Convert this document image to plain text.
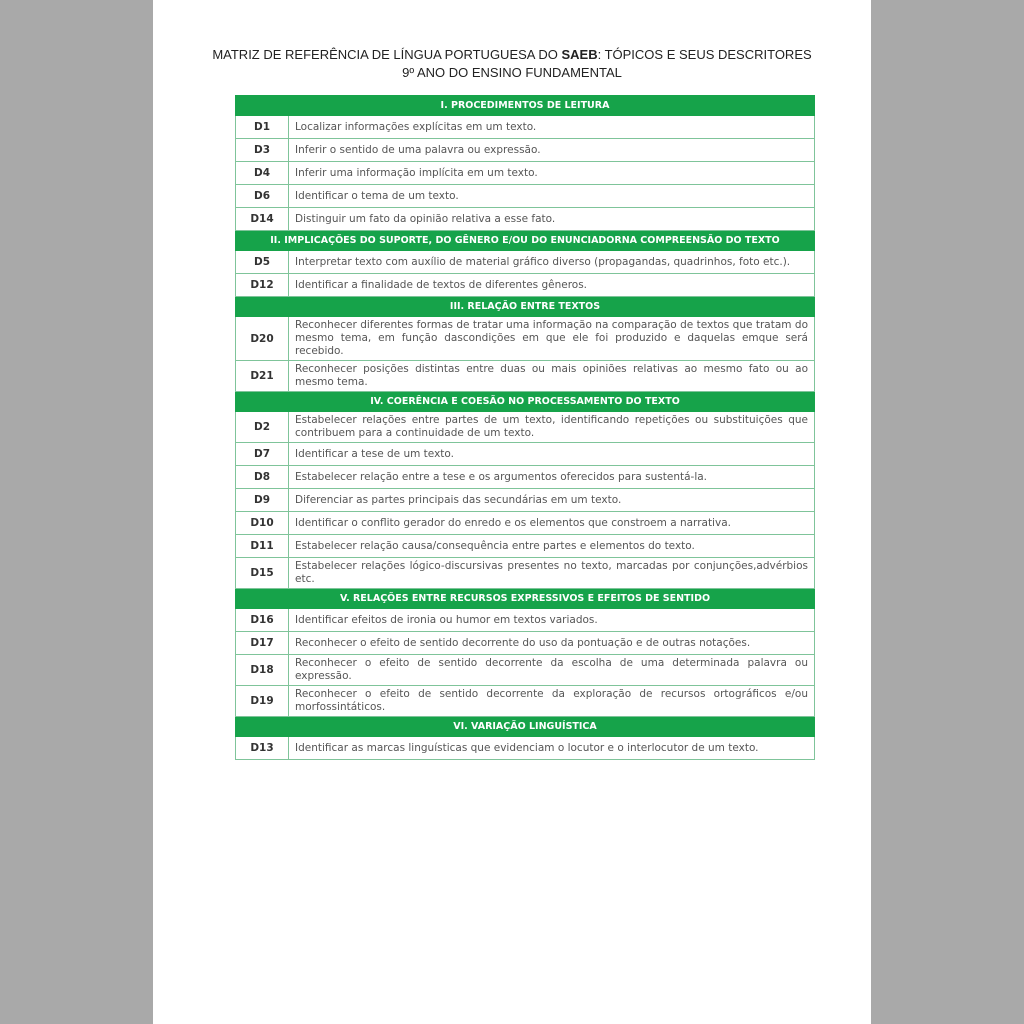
MATRIZ DE REFERÊNCIA DE LÍNGUA PORTUGUESA DO SAEB: TÓPICOS E SEUS DESCRITORES
9º ANO DO ENSINO FUNDAMENTAL
I. PROCEDIMENTOS DE LEITURA	
D1	Localizar informações explícitas em um texto.
D3	Inferir o sentido de uma palavra ou expressão.
D4	Inferir uma informação implícita em um texto.
D6	Identificar o tema de um texto.
D14	Distinguir um fato da opinião relativa a esse fato.
II. IMPLICAÇÕES DO SUPORTE, DO GÊNERO E/OU DO ENUNCIADORNA COMPREENSÃO DO TEXTO	
D5	Interpretar texto com auxílio de material gráfico diverso (propagandas, quadrinhos, foto etc.).
D12	Identificar a finalidade de textos de diferentes gêneros.
III. RELAÇÃO ENTRE TEXTOS	
D20	Reconhecer diferentes formas de tratar uma informação na comparação de textos que tratam do mesmo tema, em função dascondições em que ele foi produzido e daquelas emque será recebido.
D21	Reconhecer posições distintas entre duas ou mais opiniões relativas ao mesmo fato ou ao mesmo tema.
IV. COERÊNCIA E COESÃO NO PROCESSAMENTO DO TEXTO	
D2	Estabelecer relações entre partes de um texto, identificando repetições ou substituições que contribuem para a continuidade de um texto.
D7	Identificar a tese de um texto.
D8	Estabelecer relação entre a tese e os argumentos oferecidos para sustentá-la.
D9	Diferenciar as partes principais das secundárias em um texto.
D10	Identificar o conflito gerador do enredo e os elementos que constroem a narrativa.
D11	Estabelecer relação causa/consequência entre partes e elementos do texto.
D15	Estabelecer relações lógico-discursivas presentes no texto, marcadas por conjunções,advérbios etc.
V. RELAÇÕES ENTRE RECURSOS EXPRESSIVOS E EFEITOS DE SENTIDO	
D16	Identificar efeitos de ironia ou humor em textos variados.
D17	Reconhecer o efeito de sentido decorrente do uso da pontuação e de outras notações.
D18	Reconhecer o efeito de sentido decorrente da escolha de uma determinada palavra ou expressão.
D19	Reconhecer o efeito de sentido decorrente da exploração de recursos ortográficos e/ou morfossintáticos.
VI. VARIAÇÃO LINGUÍSTICA	
D13	Identificar as marcas linguísticas que evidenciam o locutor e o interlocutor de um texto.
